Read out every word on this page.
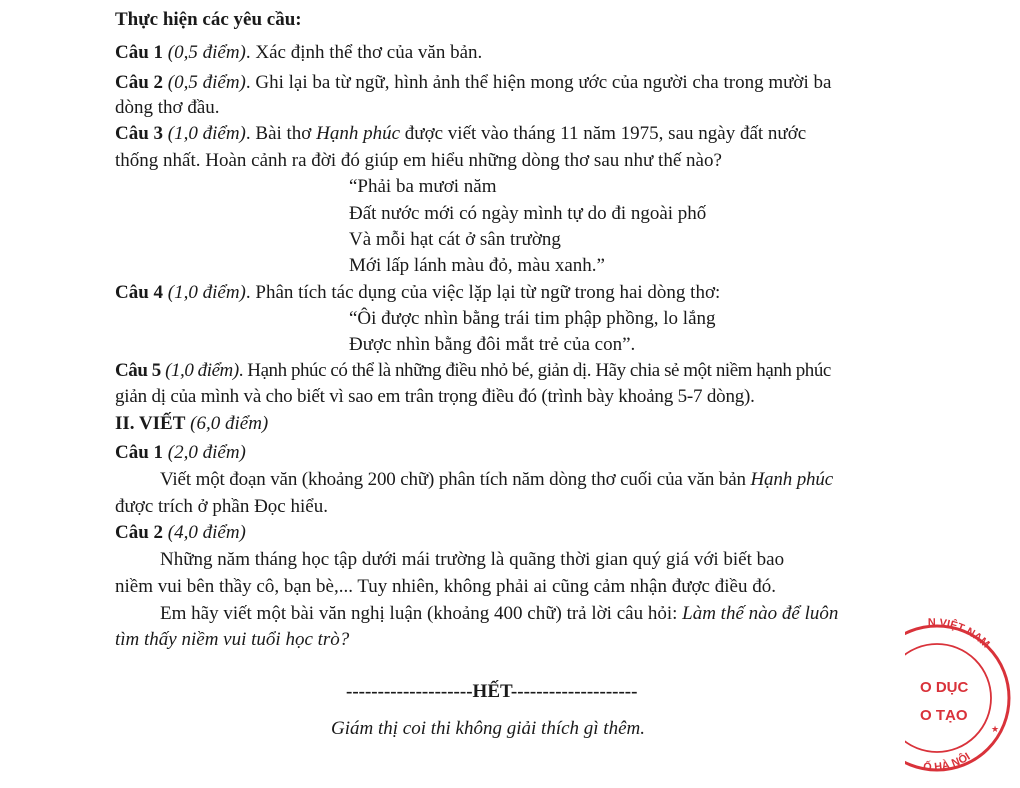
Thực hiện các yêu cầu:
Câu 1 (0,5 điểm). Xác định thể thơ của văn bản.
Câu 2 (0,5 điểm). Ghi lại ba từ ngữ, hình ảnh thể hiện mong ước của người cha trong mười ba
dòng thơ đầu.
Câu 3 (1,0 điểm). Bài thơ Hạnh phúc được viết vào tháng 11 năm 1975, sau ngày đất nước
thống nhất. Hoàn cảnh ra đời đó giúp em hiểu những dòng thơ sau như thế nào?
“Phải ba mươi năm
Đất nước mới có ngày mình tự do đi ngoài phố
Và mỗi hạt cát ở sân trường
Mới lấp lánh màu đỏ, màu xanh.”
Câu 4 (1,0 điểm). Phân tích tác dụng của việc lặp lại từ ngữ trong hai dòng thơ:
“Ôi được nhìn bằng trái tim phập phồng, lo lắng
Được nhìn bằng đôi mắt trẻ của con”.
Câu 5 (1,0 điểm). Hạnh phúc có thể là những điều nhỏ bé, giản dị. Hãy chia sẻ một niềm hạnh phúc
giản dị của mình và cho biết vì sao em trân trọng điều đó (trình bày khoảng 5-7 dòng).
II. VIẾT (6,0 điểm)
Câu 1 (2,0 điểm)
Viết một đoạn văn (khoảng 200 chữ) phân tích năm dòng thơ cuối của văn bản Hạnh phúc
được trích ở phần Đọc hiểu.
Câu 2 (4,0 điểm)
Những năm tháng học tập dưới mái trường là quãng thời gian quý giá với biết bao
niềm vui bên thầy cô, bạn bè,... Tuy nhiên, không phải ai cũng cảm nhận được điều đó.
Em hãy viết một bài văn nghị luận (khoảng 400 chữ) trả lời câu hỏi: Làm thế nào để luôn
tìm thấy niềm vui tuổi học trò?
--------------------HẾT--------------------
Giám thị coi thi không giải thích gì thêm.
N VIỆT NAM
Ố HÀ NỘI
O DỤC
O TẠO
★
